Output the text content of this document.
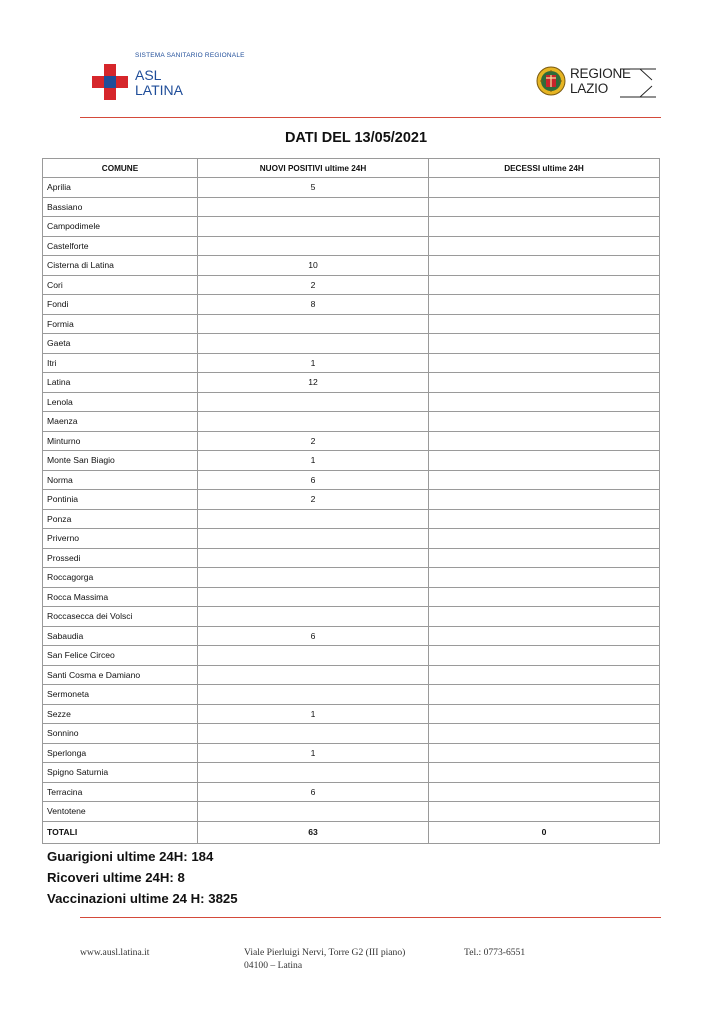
SISTEMA SANITARIO REGIONALE
ASL
LATINA
REGIONE
LAZIO
DATI DEL 13/05/2021
COMUNE	NUOVI POSITIVI ultime 24H	DECESSI ultime 24H
Aprilia	5	
Bassiano		
Campodimele		
Castelforte		
Cisterna di Latina	10	
Cori	2	
Fondi	8	
Formia		
Gaeta		
Itri	1	
Latina	12	
Lenola		
Maenza		
Minturno	2	
Monte San Biagio	1	
Norma	6	
Pontinia	2	
Ponza		
Priverno		
Prossedi		
Roccagorga		
Rocca Massima		
Roccasecca dei Volsci		
Sabaudia	6	
San Felice Circeo		
Santi Cosma e Damiano		
Sermoneta		
Sezze	1	
Sonnino		
Sperlonga	1	
Spigno Saturnia		
Terracina	6	
Ventotene		
TOTALI	63	0
Guarigioni ultime 24H: 184
Ricoveri ultime 24H: 8
Vaccinazioni ultime 24 H: 3825
www.ausl.latina.it	Viale Pierluigi Nervi, Torre G2 (III piano)
04100 – Latina
Tel.: 0773-6551
